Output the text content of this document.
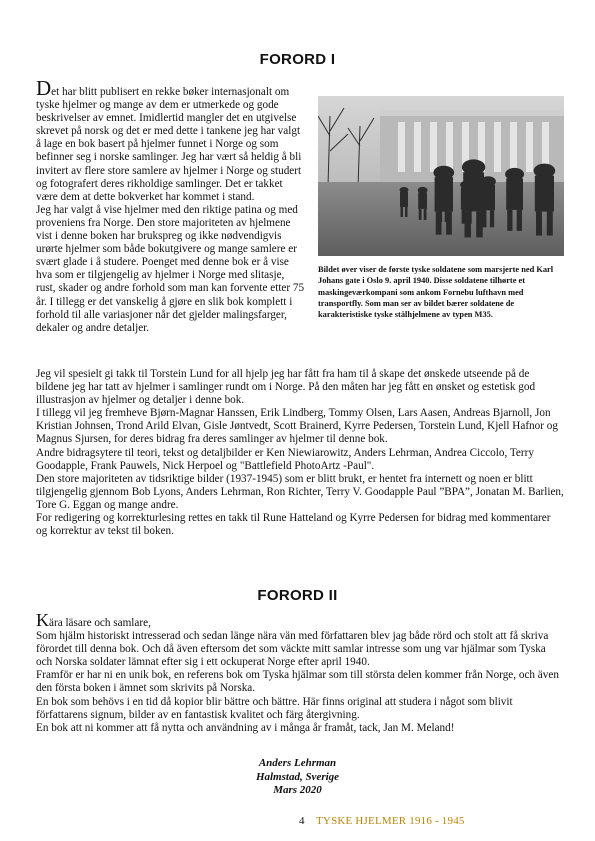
FORORD I

Det har blitt publisert en rekke bøker internasjonalt om tyske hjelmer og mange av dem er utmerkede og gode beskrivelser av emnet. Imidlertid mangler det en utgivelse skrevet på norsk og det er med dette i tankene jeg har valgt å lage en bok basert på hjelmer funnet i Norge og som befinner seg i norske samlinger. Jeg har vært så heldig å bli invitert av flere store samlere av hjelmer i Norge og studert og fotografert deres rikholdige samlinger. Det er takket være dem at dette bokverket har kommet i stand.

Jeg har valgt å vise hjelmer med den riktige patina og med proveniens fra Norge. Den store majoriteten av hjelmene vist i denne boken har brukspreg og ikke nødvendigvis urørte hjelmer som både bokutgivere og mange samlere er svært glade i å studere. Poenget med denne bok er å vise hva som er tilgjengelig av hjelmer i Norge med slitasje, rust, skader og andre forhold som man kan forvente etter 75 år. I tillegg er det vanskelig å gjøre en slik bok komplett i forhold til alle variasjoner når det gjelder malingsfarger, dekaler og andre detaljer.

Bildet øver viser de første tyske soldatene som marsjerte ned Karl Johans gate i Oslo 9. april 1940. Disse soldatene tilhørte et maskingeværkompani som ankom Fornebu lufthavn med transportfly. Som man ser av bildet bærer soldatene de karakteristiske tyske stålhjelmene av typen M35.

Jeg vil spesielt gi takk til Torstein Lund for all hjelp jeg har fått fra ham til å skape det ønskede utseende på de bildene jeg har tatt av hjelmer i samlinger rundt om i Norge. På den måten har jeg fått en ønsket og estetisk god illustrasjon av hjelmer og detaljer i denne bok.

I tillegg vil jeg fremheve Bjørn-Magnar Hanssen, Erik Lindberg, Tommy Olsen, Lars Aasen, Andreas Bjarnoll, Jon Kristian Johnsen, Trond Arild Elvan, Gisle Jøntvedt, Scott Brainerd, Kyrre Pedersen, Torstein Lund, Kjell Hafnor og Magnus Sjursen, for deres bidrag fra deres samlinger av hjelmer til denne bok.

Andre bidragsytere til teori, tekst og detaljbilder er Ken Niewiarowitz, Anders Lehrman, Andrea Ciccolo, Terry Goodapple, Frank Pauwels, Nick Herpoel og "Battlefield PhotoArtz -Paul".

Den store majoriteten av tidsriktige bilder (1937-1945) som er blitt brukt, er hentet fra internett og noen er blitt tilgjengelig gjennom Bob Lyons, Anders Lehrman, Ron Richter, Terry V. Goodapple Paul ”BPA”, Jonatan M. Barlien, Tore G. Eggan og mange andre.

For redigering og korrekturlesing rettes en takk til Rune Hatteland og Kyrre Pedersen for bidrag med kommentarer og korrektur av tekst til boken.

FORORD II

Kära läsare och samlare,

Som hjälm historiskt intresserad och sedan länge nära vän med författaren blev jag både rörd och stolt att få skriva förordet till denna bok. Och då även eftersom det som väckte mitt samlar intresse som ung var hjälmar som Tyska och Norska soldater lämnat efter sig i ett ockuperat Norge efter april 1940.

Framför er har ni en unik bok, en referens bok om Tyska hjälmar som till största delen kommer från Norge, och även den första boken i ämnet som skrivits på Norska.

En bok som behövs i en tid då kopior blir bättre och bättre. Här finns original att studera i något som blivit författarens signum, bilder av en fantastisk kvalitet och färg återgivning.

En bok att ni kommer att få nytta och användning av i många år framåt, tack, Jan M. Meland!

Anders Lehrman
Halmstad, Sverige
Mars 2020
4 TYSKE HJELMER 1916 - 1945
